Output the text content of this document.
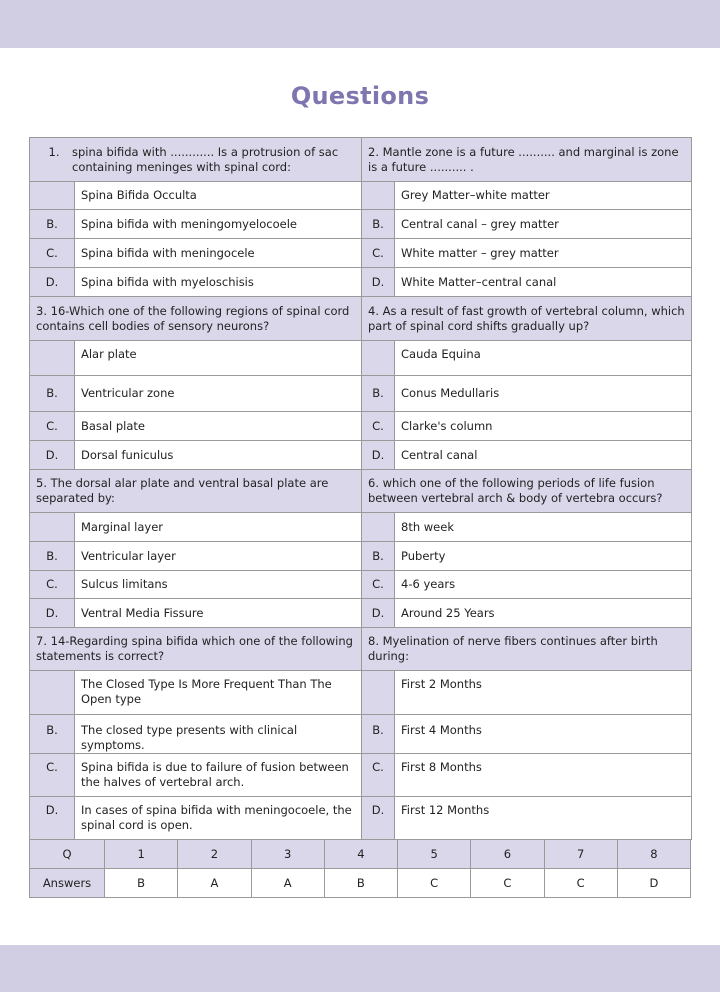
Questions
1. spina bifida with ............ Is a protrusion of sac containing meninges with spinal cord:		2. Mantle zone is a future .......... and marginal is zone is a future .......... .	
	Spina Bifida Occulta		Grey Matter–white matter
B.	Spina bifida with meningomyelocoele	B.	Central canal – grey matter
C.	Spina bifida with meningocele	C.	White matter – grey matter
D.	Spina bifida with myeloschisis	D.	White Matter–central canal
3. 16-Which one of the following regions of spinal cord contains cell bodies of sensory neurons?		4. As a result of fast growth of vertebral column, which part of spinal cord shifts gradually up?	
	Alar plate		Cauda Equina
B.	Ventricular zone	B.	Conus Medullaris
C.	Basal plate	C.	Clarke's column
D.	Dorsal funiculus	D.	Central canal
5. The dorsal alar plate and ventral basal plate are separated by:		6. which one of the following periods of life fusion between vertebral arch & body of vertebra occurs?	
	Marginal layer		8th week
B.	Ventricular layer	B.	Puberty
C.	Sulcus limitans	C.	4-6 years
D.	Ventral Media Fissure	D.	Around 25 Years
7. 14-Regarding spina bifida which one of the following statements is correct?		8. Myelination of nerve fibers continues after birth during:	
	The Closed Type Is More Frequent Than The Open type		First 2 Months
B.	The closed type presents with clinical symptoms.	B.	First 4 Months
C.	Spina bifida is due to failure of fusion between the halves of vertebral arch.	C.	First 8 Months
D.	In cases of spina bifida with meningocoele, the spinal cord is open.	D.	First 12 Months
Q	1	2	3	4	5	6	7	8
Answers	B	A	A	B	C	C	C	D
